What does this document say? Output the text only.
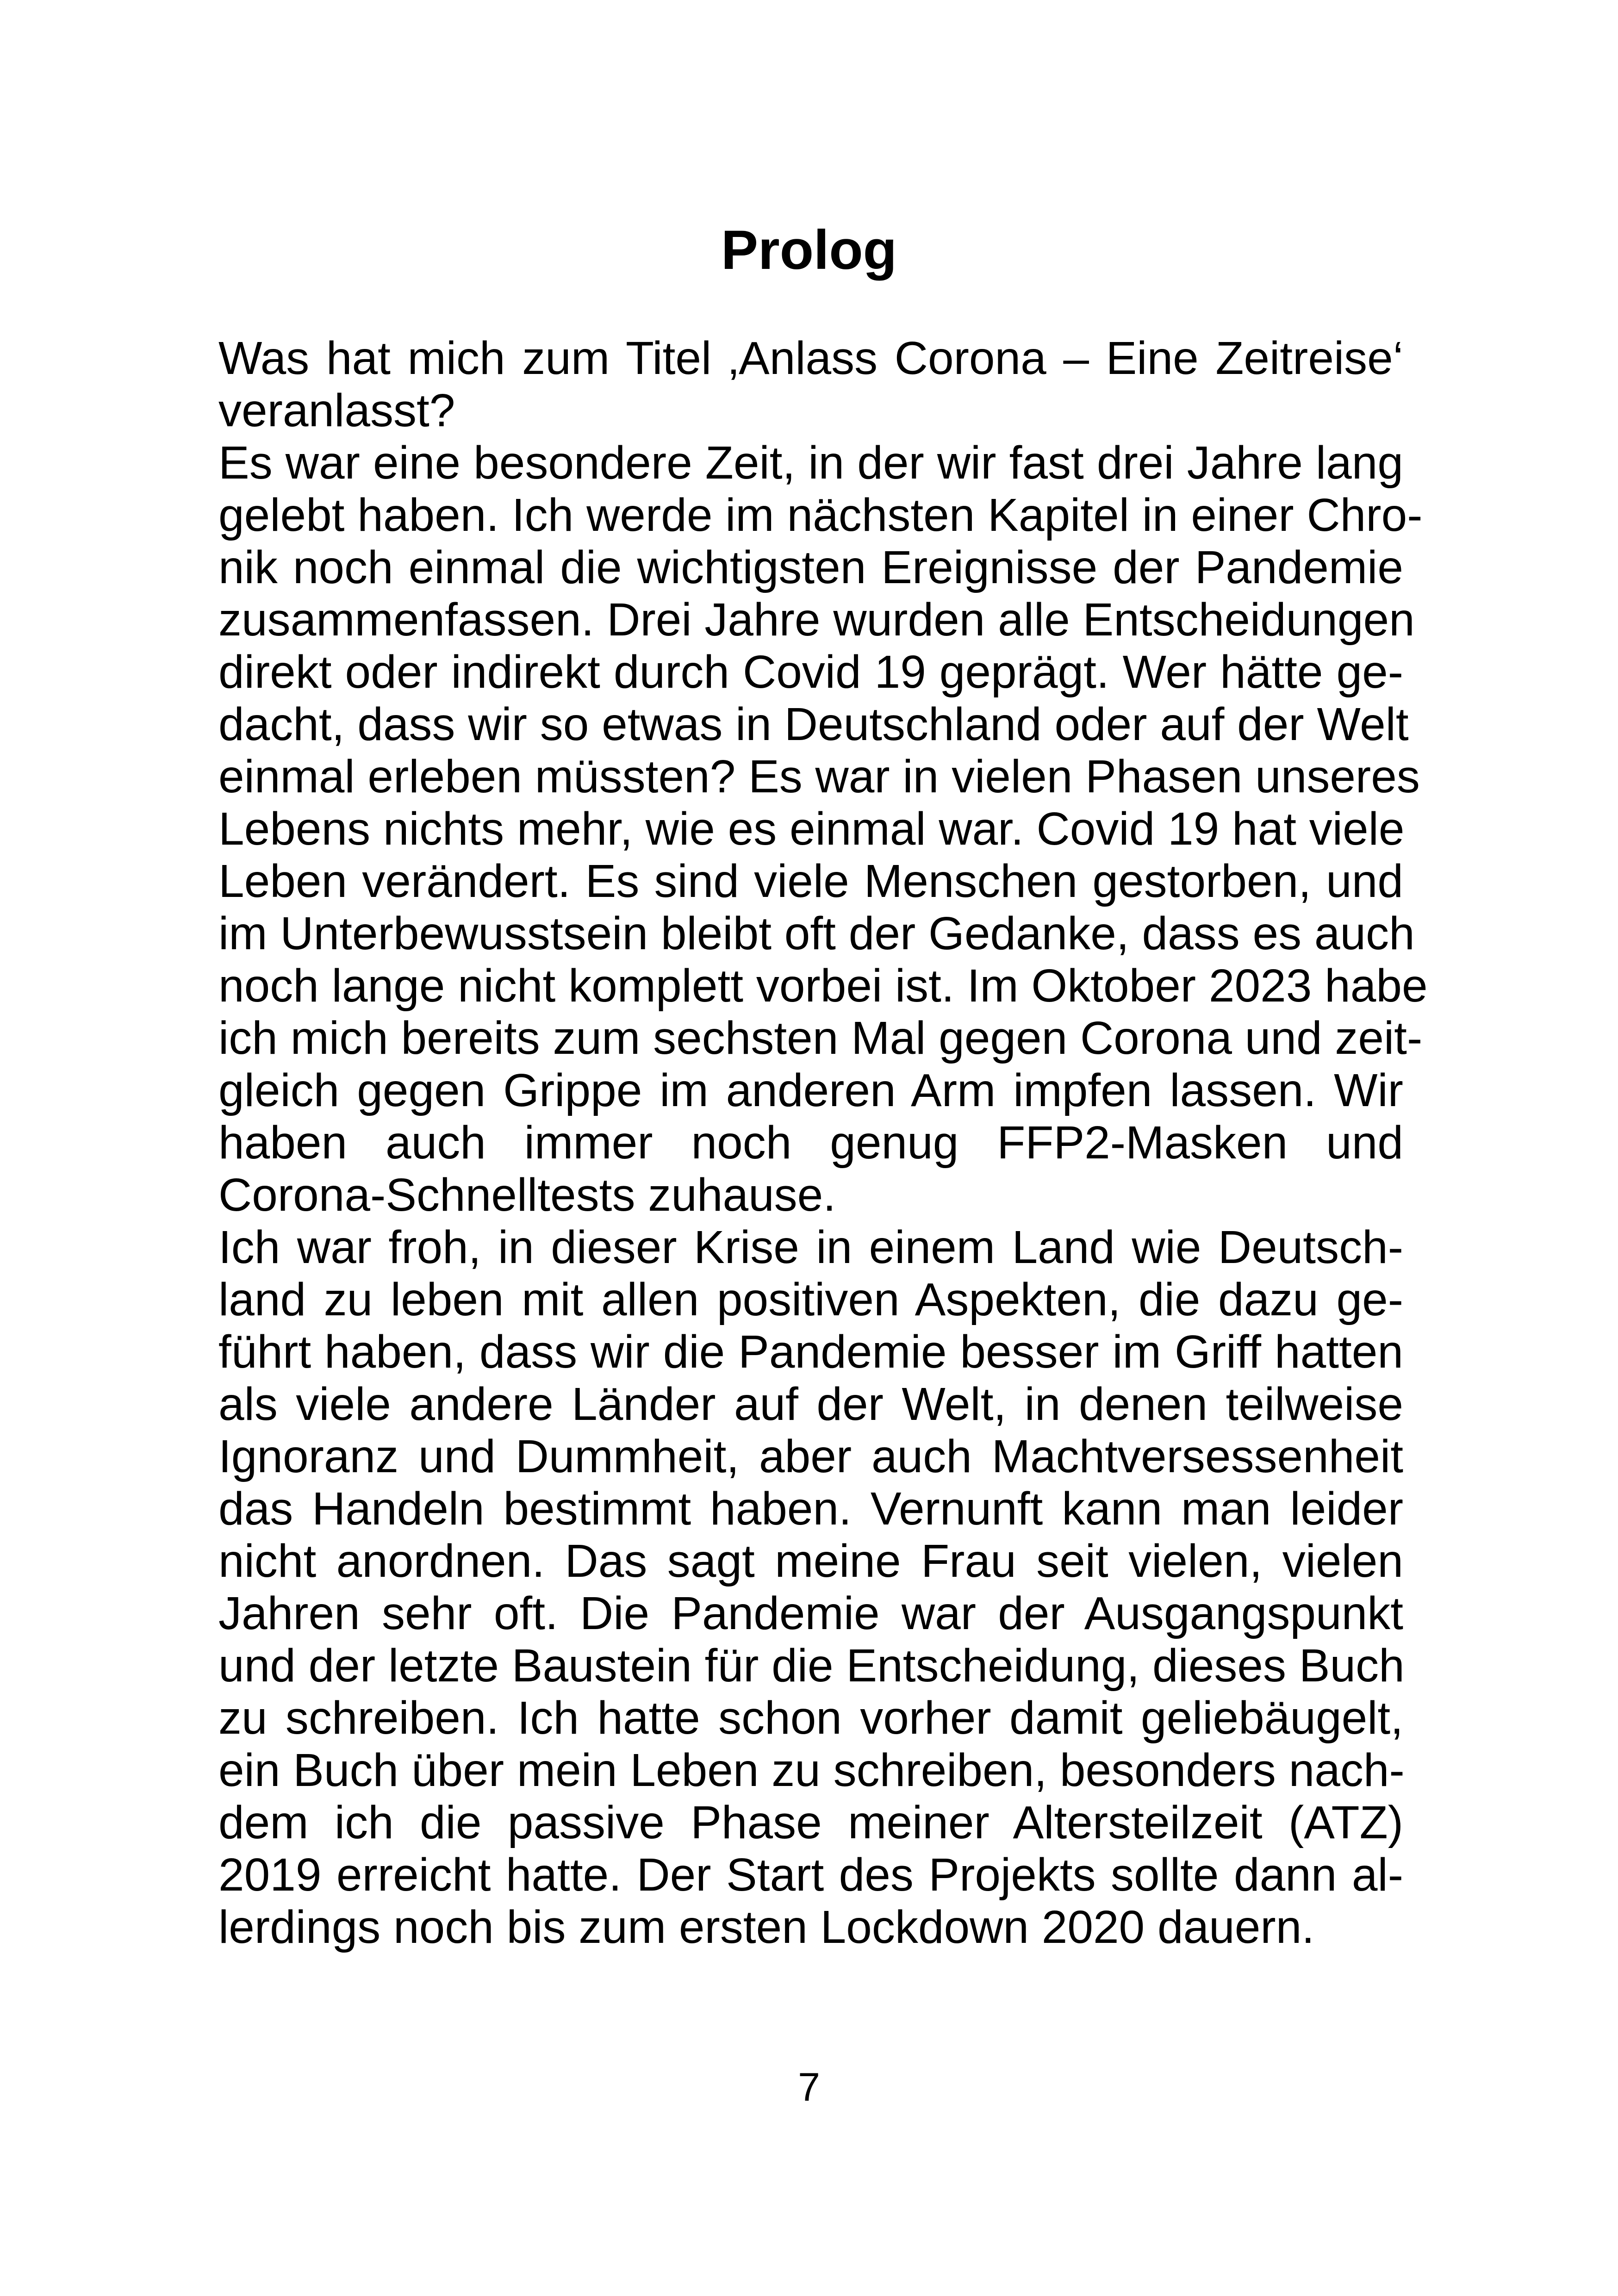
Prolog
Was hat mich zum Titel ‚Anlass Corona – Eine Zeitreise‘
veranlasst?
Es war eine besondere Zeit, in der wir fast drei Jahre lang
gelebt haben. Ich werde im nächsten Kapitel in einer Chro-
nik noch einmal die wichtigsten Ereignisse der Pandemie
zusammenfassen. Drei Jahre wurden alle Entscheidungen
direkt oder indirekt durch Covid 19 geprägt. Wer hätte ge-
dacht, dass wir so etwas in Deutschland oder auf der Welt
einmal erleben müssten? Es war in vielen Phasen unseres
Lebens nichts mehr, wie es einmal war. Covid 19 hat viele
Leben verändert. Es sind viele Menschen gestorben, und
im Unterbewusstsein bleibt oft der Gedanke, dass es auch
noch lange nicht komplett vorbei ist. Im Oktober 2023 habe
ich mich bereits zum sechsten Mal gegen Corona und zeit-
gleich gegen Grippe im anderen Arm impfen lassen. Wir
haben auch immer noch genug FFP2-Masken und
Corona-Schnelltests zuhause.
Ich war froh, in dieser Krise in einem Land wie Deutsch-
land zu leben mit allen positiven Aspekten, die dazu ge-
führt haben, dass wir die Pandemie besser im Griff hatten
als viele andere Länder auf der Welt, in denen teilweise
Ignoranz und Dummheit, aber auch Machtversessenheit
das Handeln bestimmt haben. Vernunft kann man leider
nicht anordnen. Das sagt meine Frau seit vielen, vielen
Jahren sehr oft. Die Pandemie war der Ausgangspunkt
und der letzte Baustein für die Entscheidung, dieses Buch
zu schreiben. Ich hatte schon vorher damit geliebäugelt,
ein Buch über mein Leben zu schreiben, besonders nach-
dem ich die passive Phase meiner Altersteilzeit (ATZ)
2019 erreicht hatte. Der Start des Projekts sollte dann al-
lerdings noch bis zum ersten Lockdown 2020 dauern.
7
